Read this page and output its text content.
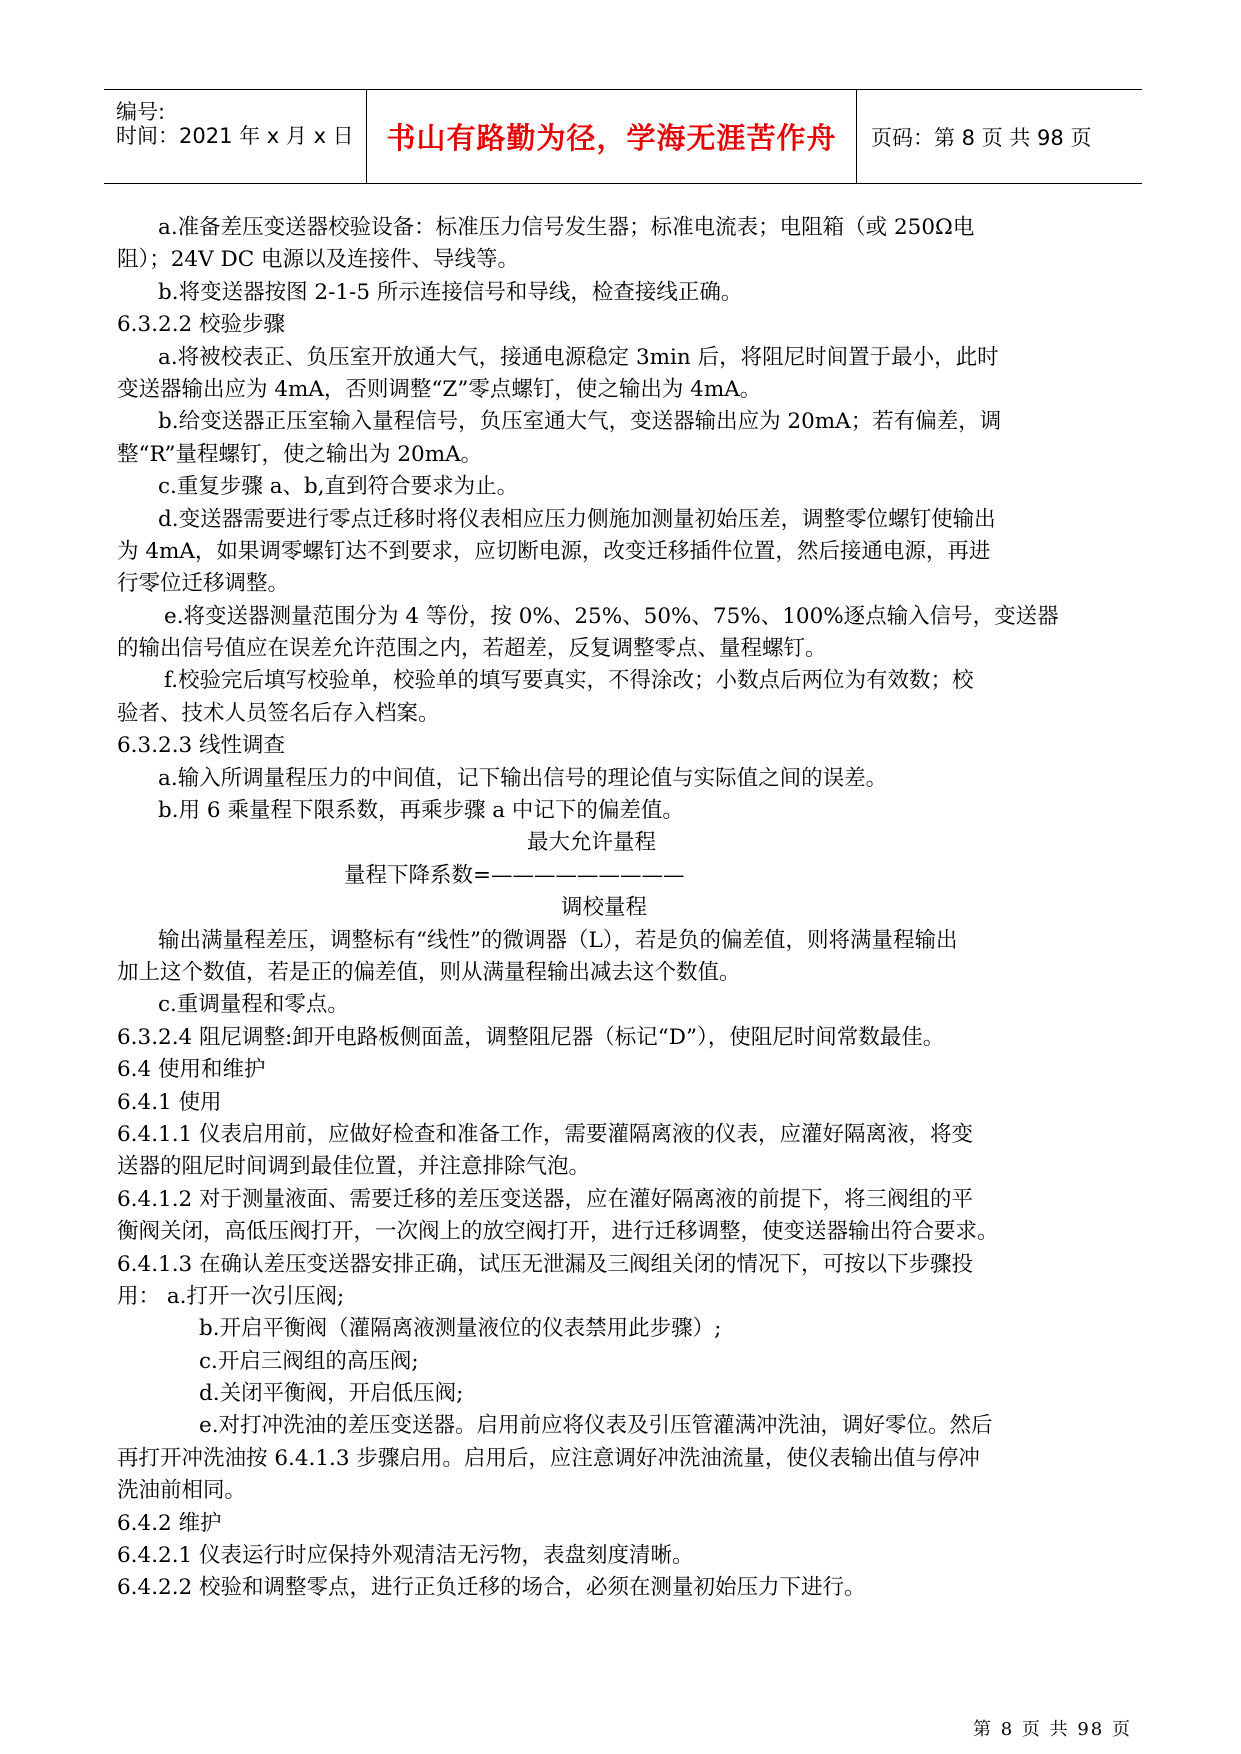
编号:
时间：2021 年 x 月 x 日	书山有路勤为径，学海无涯苦作舟	页码：第 8 页 共 98 页
a.准备差压变送器校验设备：标准压力信号发生器；标准电流表；电阻箱（或 250Ω电
阻）；24V DC 电源以及连接件、导线等。
b.将变送器按图 2-1-5 所示连接信号和导线，检查接线正确。
6.3.2.2 校验步骤
a.将被校表正、负压室开放通大气，接通电源稳定 3min 后，将阻尼时间置于最小，此时
变送器输出应为 4mA，否则调整“Z”零点螺钉，使之输出为 4mA。
b.给变送器正压室输入量程信号，负压室通大气，变送器输出应为 20mA；若有偏差，调
整“R”量程螺钉，使之输出为 20mA。
c.重复步骤 a、b,直到符合要求为止。
d.变送器需要进行零点迁移时将仪表相应压力侧施加测量初始压差，调整零位螺钉使输出
为 4mA，如果调零螺钉达不到要求，应切断电源，改变迁移插件位置，然后接通电源，再进
行零位迁移调整。
e.将变送器测量范围分为 4 等份，按 0%、25%、50%、75%、100%逐点输入信号，变送器
的输出信号值应在误差允许范围之内，若超差，反复调整零点、量程螺钉。
f.校验完后填写校验单，校验单的填写要真实，不得涂改；小数点后两位为有效数；校
验者、技术人员签名后存入档案。
6.3.2.3 线性调查
a.输入所调量程压力的中间值，记下输出信号的理论值与实际值之间的误差。
b.用 6 乘量程下限系数，再乘步骤 a 中记下的偏差值。
最大允许量程
量程下降系数=—————————
调校量程
输出满量程差压，调整标有“线性”的微调器（L），若是负的偏差值，则将满量程输出
加上这个数值，若是正的偏差值，则从满量程输出减去这个数值。
c.重调量程和零点。
6.3.2.4 阻尼调整:卸开电路板侧面盖，调整阻尼器（标记“D”），使阻尼时间常数最佳。
6.4 使用和维护
6.4.1 使用
6.4.1.1 仪表启用前，应做好检查和准备工作，需要灌隔离液的仪表，应灌好隔离液，将变
送器的阻尼时间调到最佳位置，并注意排除气泡。
6.4.1.2 对于测量液面、需要迁移的差压变送器，应在灌好隔离液的前提下，将三阀组的平
衡阀关闭，高低压阀打开，一次阀上的放空阀打开，进行迁移调整，使变送器输出符合要求。
6.4.1.3 在确认差压变送器安排正确，试压无泄漏及三阀组关闭的情况下，可按以下步骤投
用： a.打开一次引压阀;
b.开启平衡阀（灌隔离液测量液位的仪表禁用此步骤）;
c.开启三阀组的高压阀;
d.关闭平衡阀，开启低压阀;
e.对打冲洗油的差压变送器。启用前应将仪表及引压管灌满冲洗油，调好零位。然后
再打开冲洗油按 6.4.1.3 步骤启用。启用后，应注意调好冲洗油流量，使仪表输出值与停冲
洗油前相同。
6.4.2 维护
6.4.2.1 仪表运行时应保持外观清洁无污物，表盘刻度清晰。
6.4.2.2 校验和调整零点，进行正负迁移的场合，必须在测量初始压力下进行。
第 8 页 共 98 页
